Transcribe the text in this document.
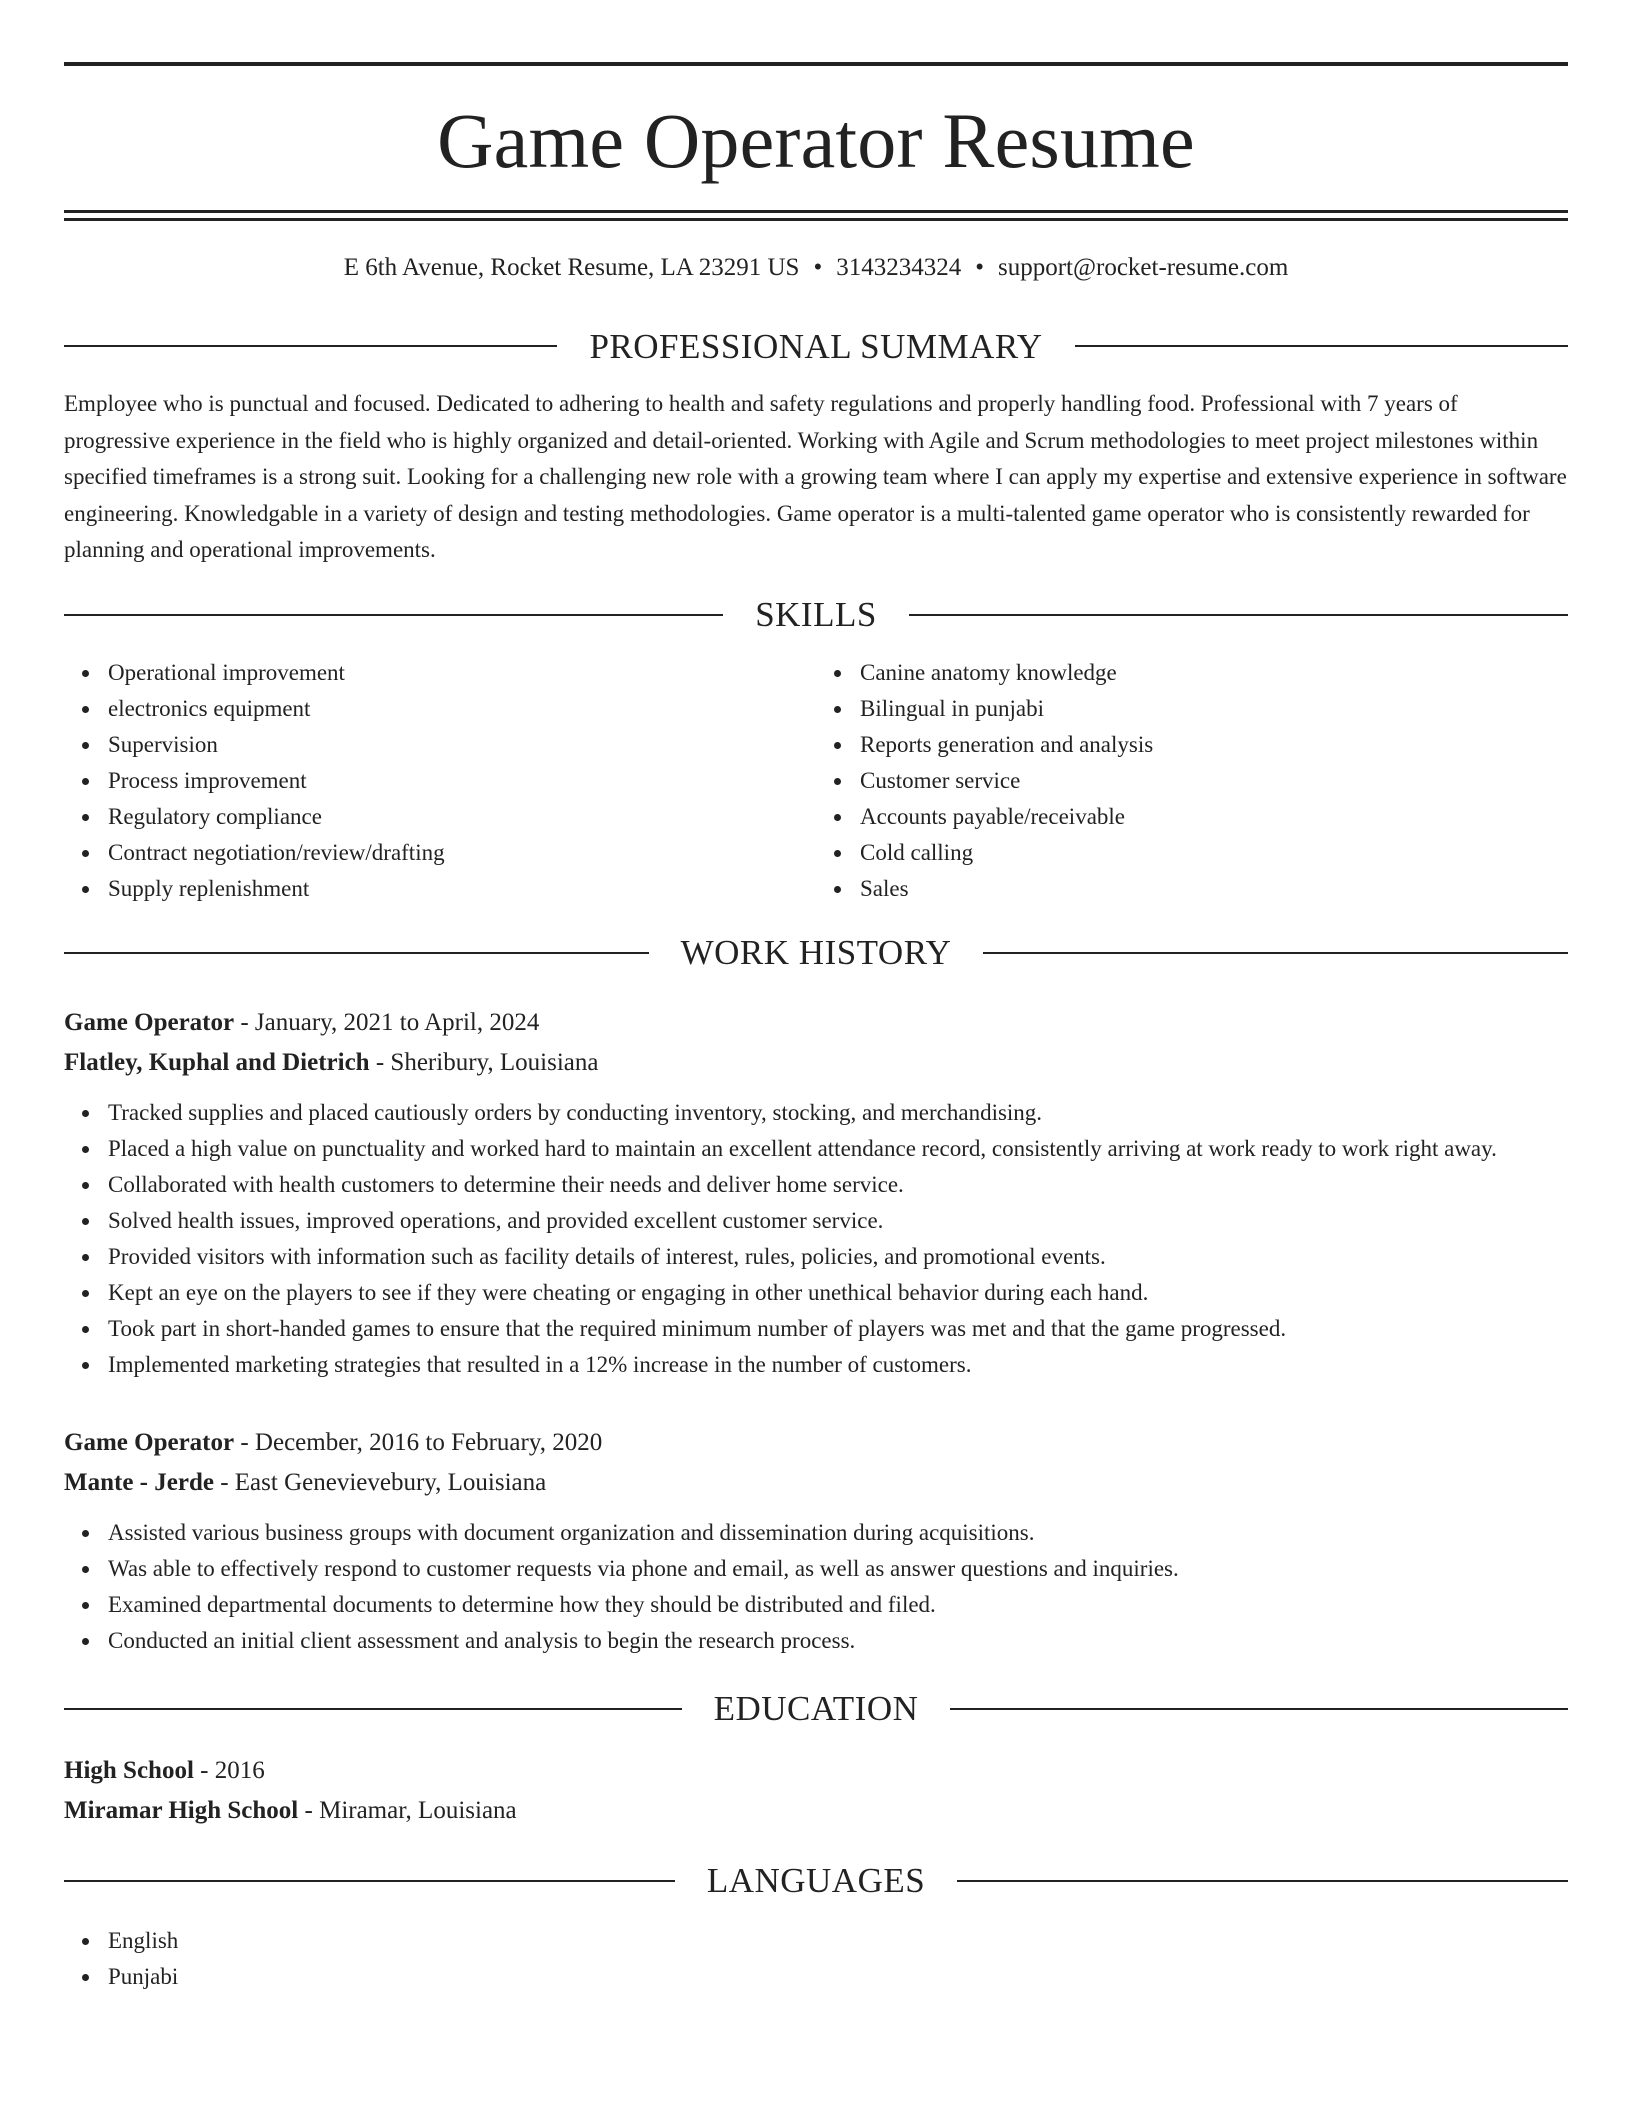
Game Operator Resume
E 6th Avenue, Rocket Resume, LA 23291 US • 3143234324 • support@rocket-resume.com
PROFESSIONAL SUMMARY

Employee who is punctual and focused. Dedicated to adhering to health and safety regulations and properly handling food. Professional with 7 years of progressive experience in the field who is highly organized and detail-oriented. Working with Agile and Scrum methodologies to meet project milestones within specified timeframes is a strong suit. Looking for a challenging new role with a growing team where I can apply my expertise and extensive experience in software engineering. Knowledgable in a variety of design and testing methodologies. Game operator is a multi-talented game operator who is consistently rewarded for planning and operational improvements.

SKILLS
Operational improvement
electronics equipment
Supervision
Process improvement
Regulatory compliance
Contract negotiation/review/drafting
Supply replenishment
Canine anatomy knowledge
Bilingual in punjabi
Reports generation and analysis
Customer service
Accounts payable/receivable
Cold calling
Sales
WORK HISTORY
Game Operator - January, 2021 to April, 2024
Flatley, Kuphal and Dietrich - Sheribury, Louisiana
Tracked supplies and placed cautiously orders by conducting inventory, stocking, and merchandising.
Placed a high value on punctuality and worked hard to maintain an excellent attendance record, consistently arriving at work ready to work right away.
Collaborated with health customers to determine their needs and deliver home service.
Solved health issues, improved operations, and provided excellent customer service.
Provided visitors with information such as facility details of interest, rules, policies, and promotional events.
Kept an eye on the players to see if they were cheating or engaging in other unethical behavior during each hand.
Took part in short-handed games to ensure that the required minimum number of players was met and that the game progressed.
Implemented marketing strategies that resulted in a 12% increase in the number of customers.
Game Operator - December, 2016 to February, 2020
Mante - Jerde - East Genevievebury, Louisiana
Assisted various business groups with document organization and dissemination during acquisitions.
Was able to effectively respond to customer requests via phone and email, as well as answer questions and inquiries.
Examined departmental documents to determine how they should be distributed and filed.
Conducted an initial client assessment and analysis to begin the research process.
EDUCATION
High School - 2016
Miramar High School - Miramar, Louisiana
LANGUAGES
English
Punjabi
